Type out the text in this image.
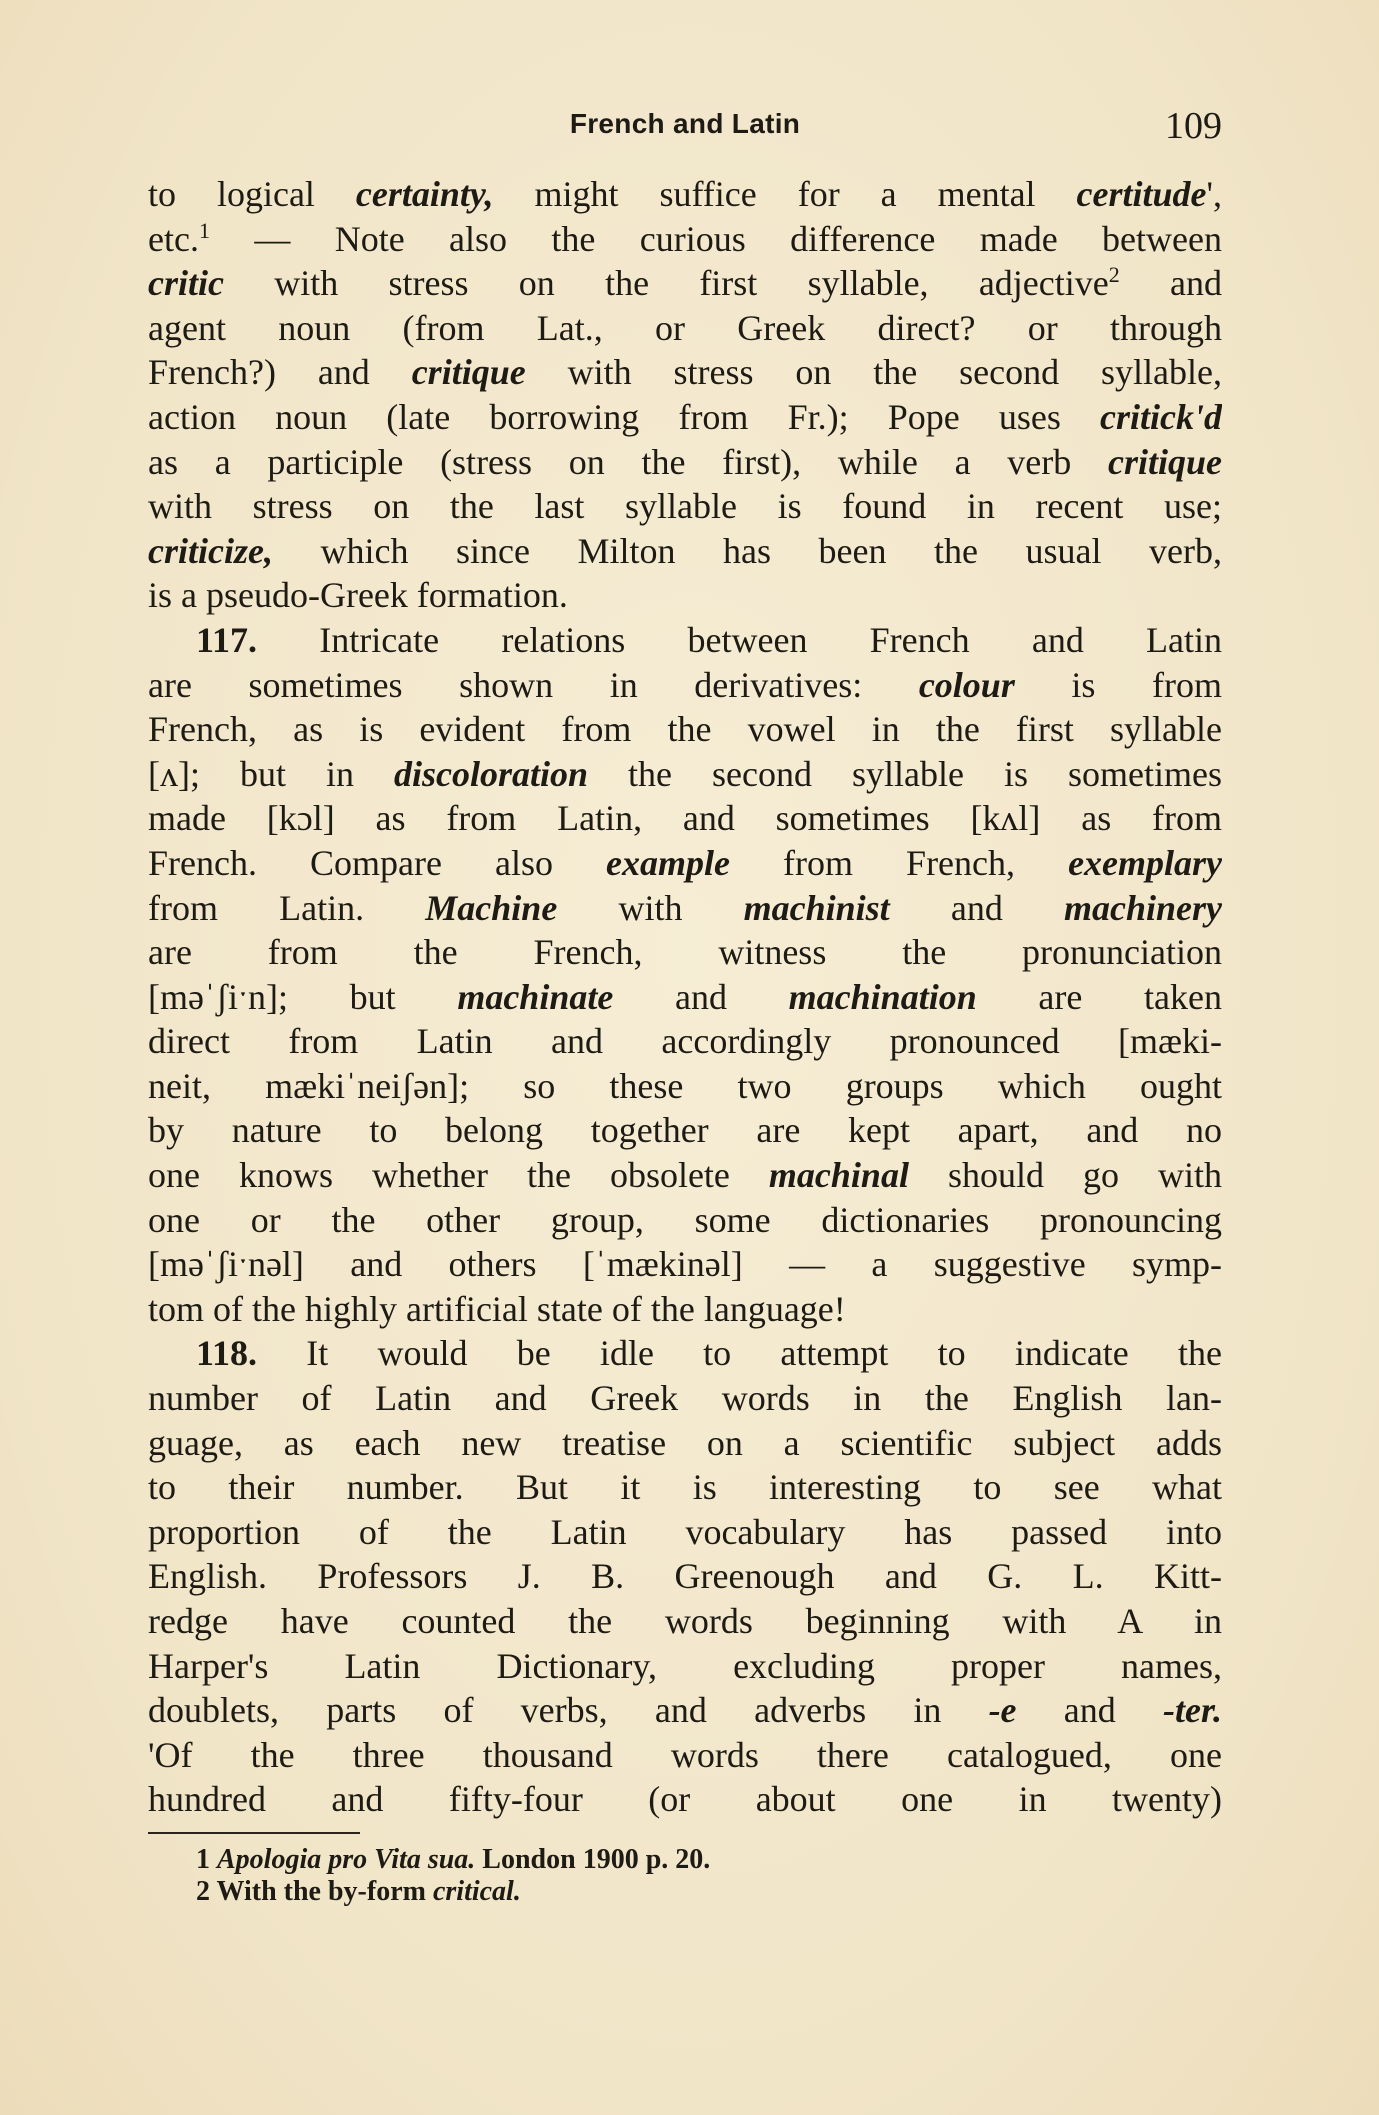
French and Latin	109
to logical certainty, might suffice for a mental certitude',
etc.$^1$ — Note also the curious difference made between
critic with stress on the first syllable, adjective$^2$ and
agent noun (from Lat., or Greek direct? or through
French?) and critique with stress on the second syllable,
action noun (late borrowing from Fr.); Pope uses critick'd
as a participle (stress on the first), while a verb critique
with stress on the last syllable is found in recent use;
criticize, which since Milton has been the usual verb,
is a pseudo-Greek formation.
117. Intricate relations between French and Latin
are sometimes shown in derivatives: colour is from
French, as is evident from the vowel in the first syllable
[ʌ]; but in discoloration the second syllable is sometimes
made [kɔl] as from Latin, and sometimes [kʌl] as from
French. Compare also example from French, exemplary
from Latin. Machine with machinist and machinery
are from the French, witness the pronunciation
[məˈʃiˑn]; but machinate and machination are taken
direct from Latin and accordingly pronounced [mæki-
neit, mækiˈneiʃən]; so these two groups which ought
by nature to belong together are kept apart, and no
one knows whether the obsolete machinal should go with
one or the other group, some dictionaries pronouncing
[məˈʃiˑnəl] and others [ˈmækinəl] — a suggestive symp-
tom of the highly artificial state of the language!
118. It would be idle to attempt to indicate the
number of Latin and Greek words in the English lan-
guage, as each new treatise on a scientific subject adds
to their number. But it is interesting to see what
proportion of the Latin vocabulary has passed into
English. Professors J. B. Greenough and G. L. Kitt-
redge have counted the words beginning with A in
Harper's Latin Dictionary, excluding proper names,
doublets, parts of verbs, and adverbs in -e and -ter.
'Of the three thousand words there catalogued, one
hundred and fifty-four (or about one in twenty)
1 Apologia pro Vita sua. London 1900 p. 20.
2 With the by-form critical.
